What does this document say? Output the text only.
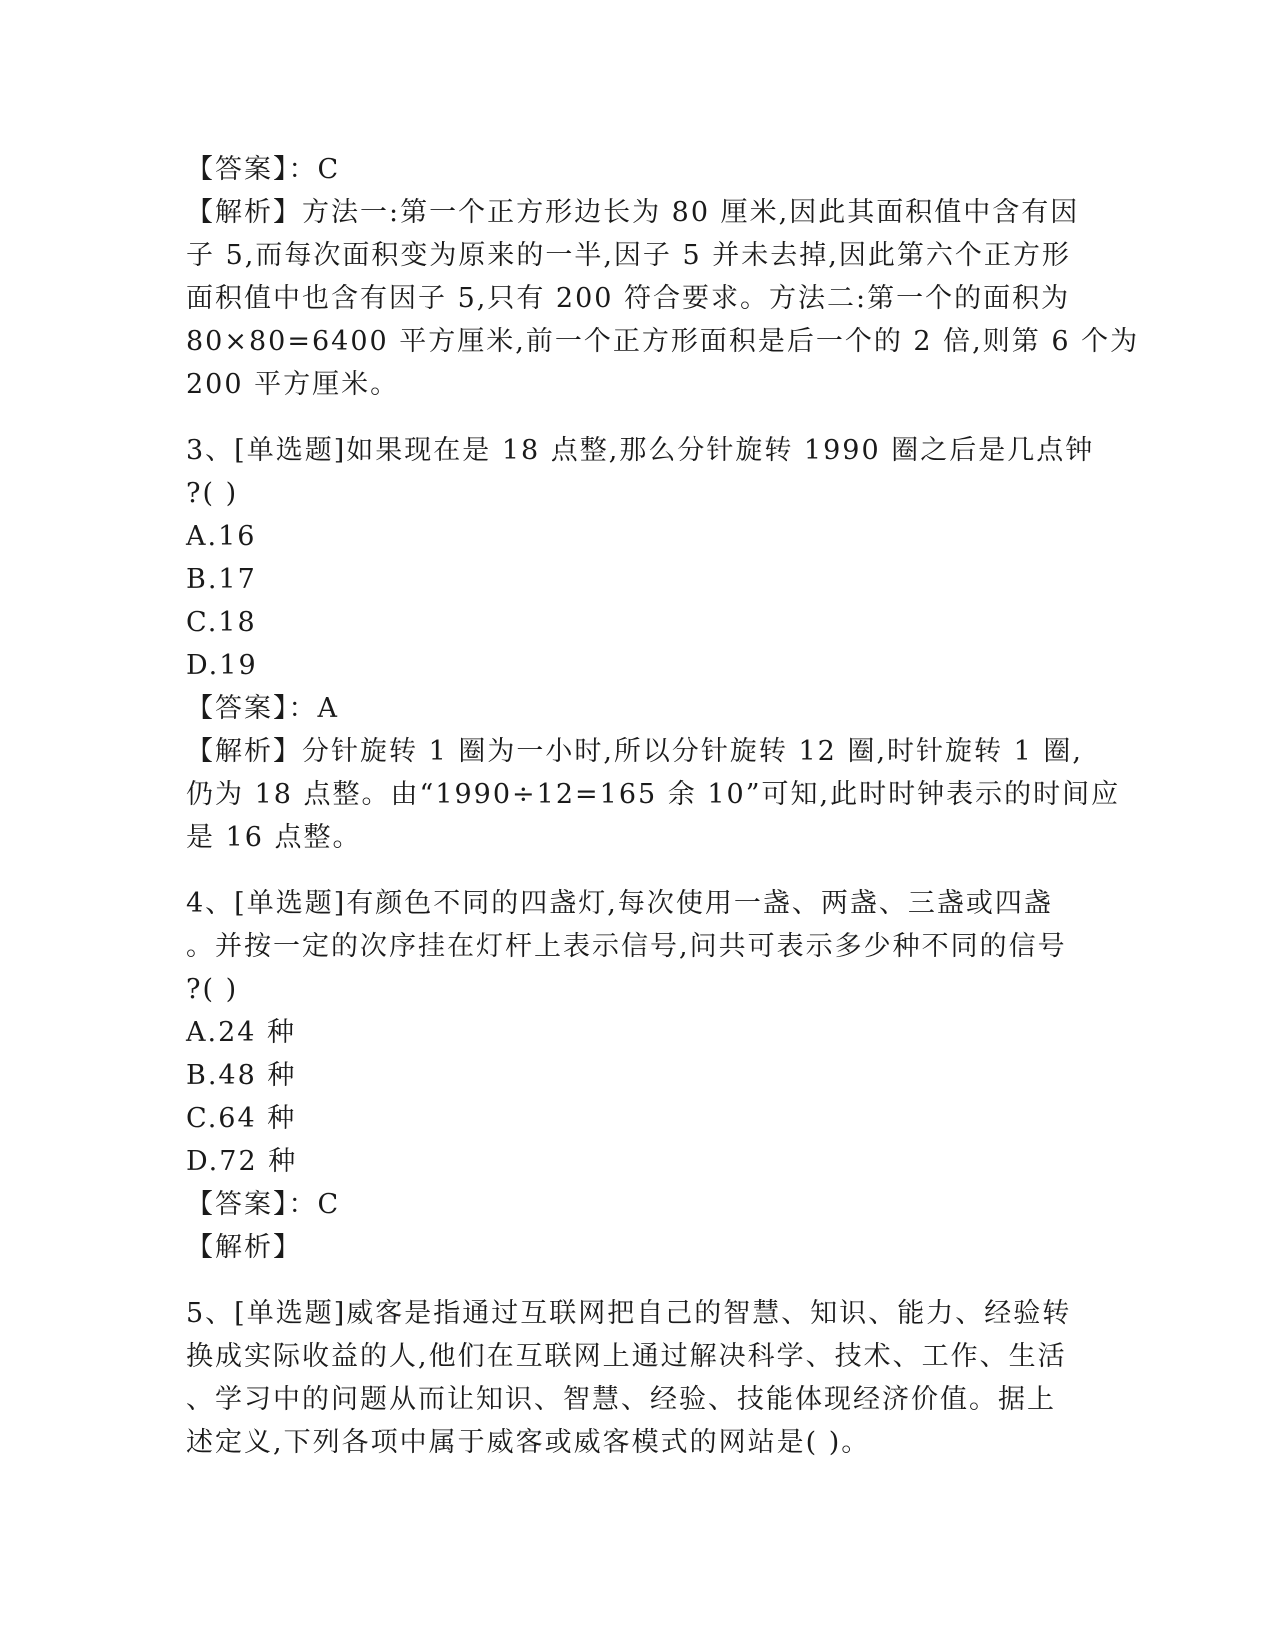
【答案】：C
【解析】方法一:第一个正方形边长为 80 厘米,因此其面积值中含有因
子 5,而每次面积变为原来的一半,因子 5 并未去掉,因此第六个正方形
面积值中也含有因子 5,只有 200 符合要求。方法二:第一个的面积为
80×80=6400 平方厘米,前一个正方形面积是后一个的 2 倍,则第 6 个为
200 平方厘米。
3、[单选题]如果现在是 18 点整,那么分针旋转 1990 圈之后是几点钟
?( )
A.16
B.17
C.18
D.19
【答案】：A
【解析】分针旋转 1 圈为一小时,所以分针旋转 12 圈,时针旋转 1 圈,
仍为 18 点整。由“1990÷12=165 余 10”可知,此时时钟表示的时间应
是 16 点整。
4、[单选题]有颜色不同的四盏灯,每次使用一盏、两盏、三盏或四盏
。并按一定的次序挂在灯杆上表示信号,问共可表示多少种不同的信号
?( )
A.24 种
B.48 种
C.64 种
D.72 种
【答案】：C
【解析】
5、[单选题]威客是指通过互联网把自己的智慧、知识、能力、经验转
换成实际收益的人,他们在互联网上通过解决科学、技术、工作、生活
、学习中的问题从而让知识、智慧、经验、技能体现经济价值。据上
述定义,下列各项中属于威客或威客模式的网站是( )。
